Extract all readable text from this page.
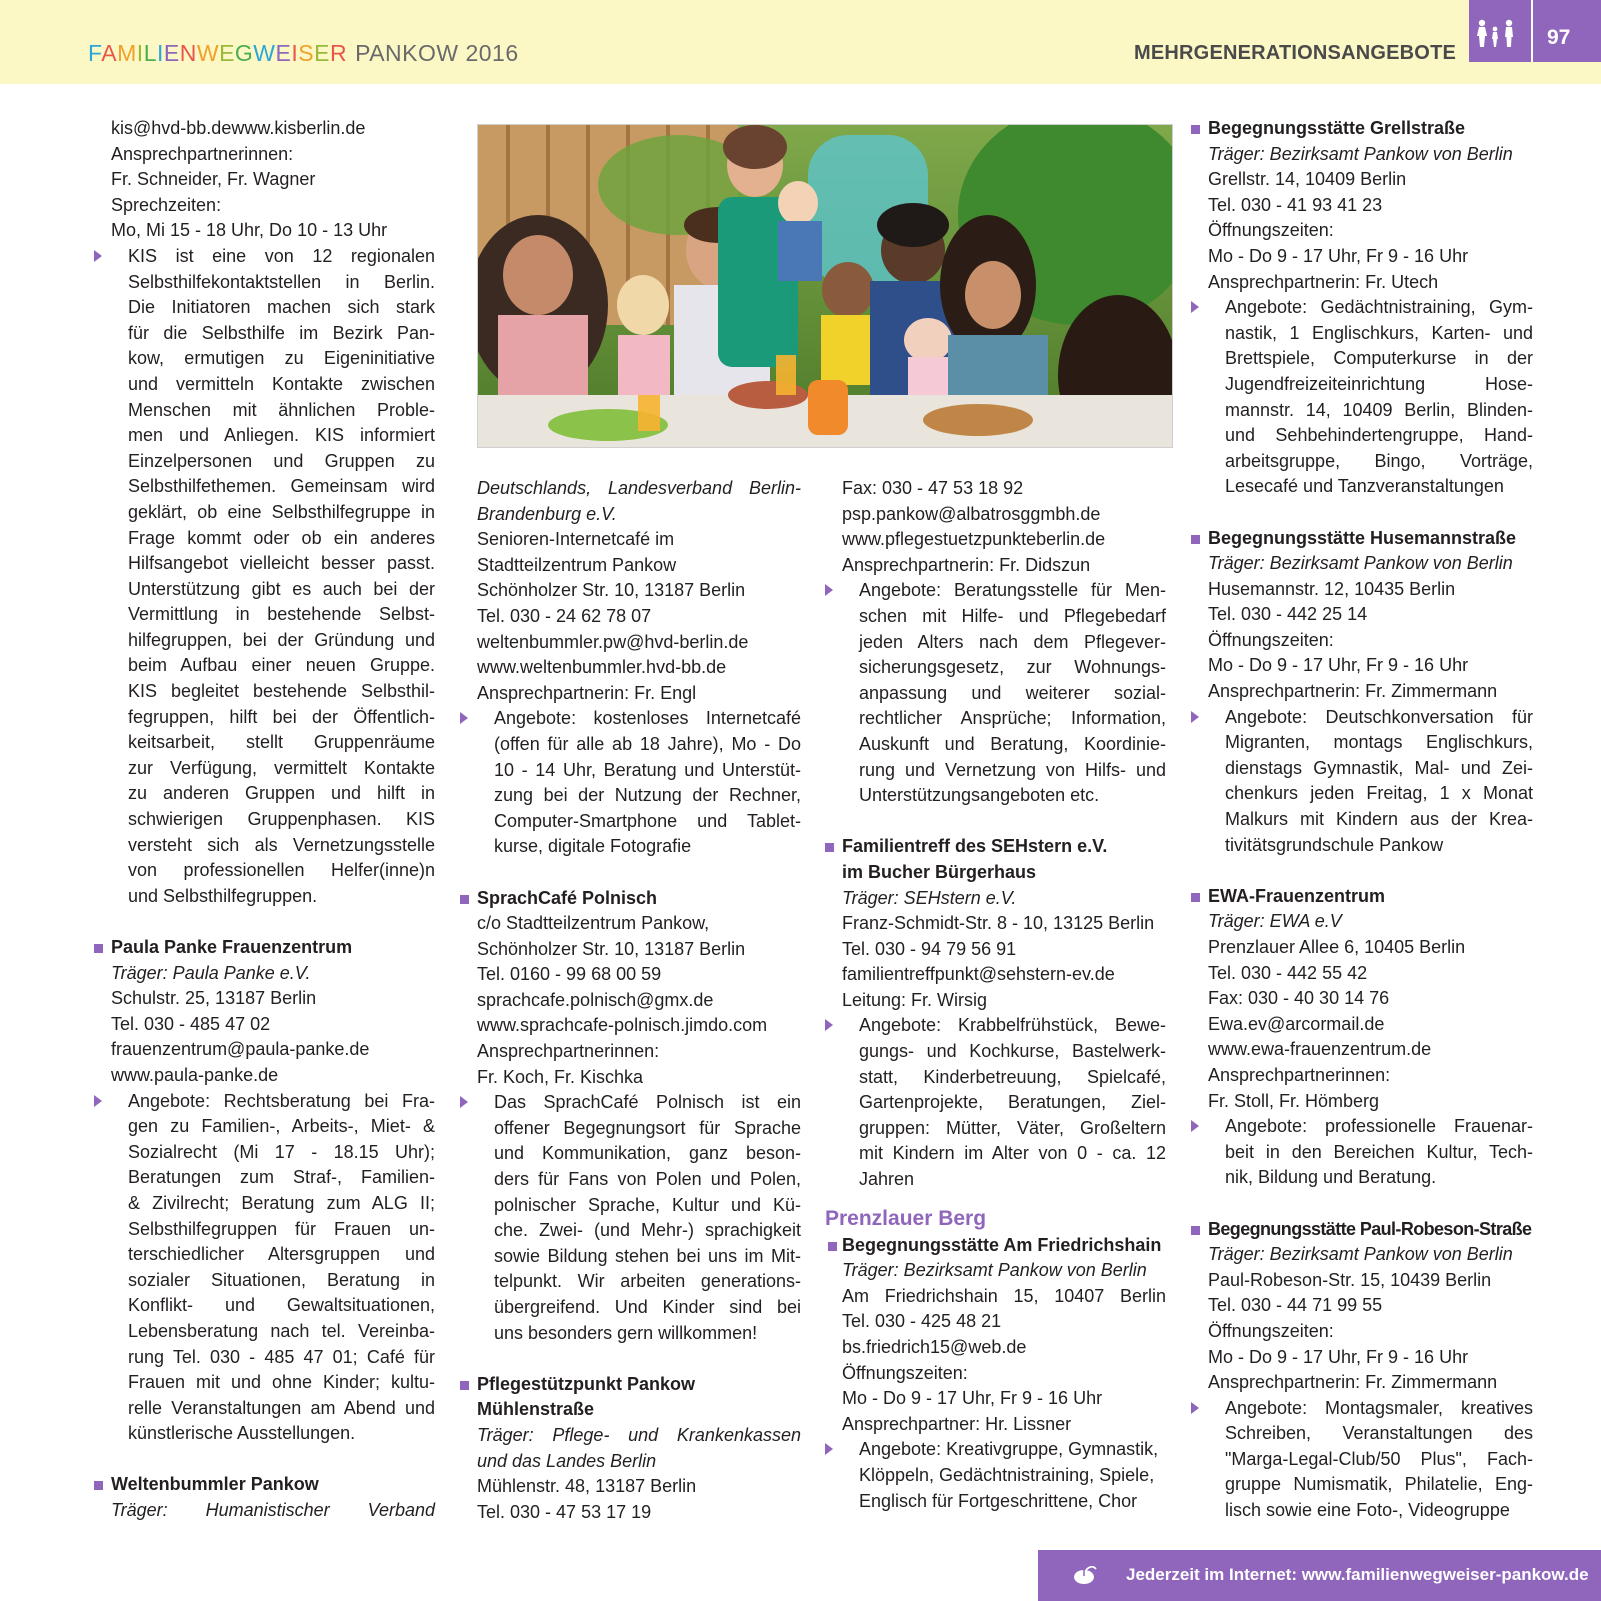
FAMILIENWEGWEISER PANKOW 2016	MEHRGENERATIONSANGEBOTE
97
kis@hvd-bb.dewww.kisberlin.de
Ansprechpartnerinnen:
Fr. Schneider, Fr. Wagner
Sprechzeiten:
Mo, Mi 15 - 18 Uhr, Do 10 - 13 Uhr
KIS ist eine von 12 regionalen
Selbsthilfekontaktstellen in Berlin.
Die Initiatoren machen sich stark
für die Selbsthilfe im Bezirk Pan-
kow, ermutigen zu Eigeninitiative
und vermitteln Kontakte zwischen
Menschen mit ähnlichen Proble-
men und Anliegen. KIS informiert
Einzelpersonen und Gruppen zu
Selbsthilfethemen. Gemeinsam wird
geklärt, ob eine Selbsthilfegruppe in
Frage kommt oder ob ein anderes
Hilfsangebot vielleicht besser passt.
Unterstützung gibt es auch bei der
Vermittlung in bestehende Selbst-
hilfegruppen, bei der Gründung und
beim Aufbau einer neuen Gruppe.
KIS begleitet bestehende Selbsthil-
fegruppen, hilft bei der Öffentlich-
keitsarbeit, stellt Gruppenräume
zur Verfügung, vermittelt Kontakte
zu anderen Gruppen und hilft in
schwierigen Gruppenphasen. KIS
versteht sich als Vernetzungsstelle
von professionellen Helfer(inne)n
und Selbsthilfegruppen.
Paula Panke Frauenzentrum
Träger: Paula Panke e.V.
Schulstr. 25, 13187 Berlin
Tel. 030 - 485 47 02
frauenzentrum@paula-panke.de
www.paula-panke.de
Angebote: Rechtsberatung bei Fra-
gen zu Familien-, Arbeits-, Miet- &
Sozialrecht (Mi 17 - 18.15 Uhr);
Beratungen zum Straf-, Familien-
& Zivilrecht; Beratung zum ALG II;
Selbsthilfegruppen für Frauen un-
terschiedlicher Altersgruppen und
sozialer Situationen, Beratung in
Konflikt- und Gewaltsituationen,
Lebensberatung nach tel. Vereinba-
rung Tel. 030 - 485 47 01; Café für
Frauen mit und ohne Kinder; kultu-
relle Veranstaltungen am Abend und
künstlerische Ausstellungen.
Weltenbummler Pankow
Träger: Humanistischer Verband
Deutschlands, Landesverband Berlin-
Brandenburg e.V.
Senioren-Internetcafé im
Stadtteilzentrum Pankow
Schönholzer Str. 10, 13187 Berlin
Tel. 030 - 24 62 78 07
weltenbummler.pw@hvd-berlin.de
www.weltenbummler.hvd-bb.de
Ansprechpartnerin: Fr. Engl
Angebote: kostenloses Internetcafé
(offen für alle ab 18 Jahre), Mo - Do
10 - 14 Uhr, Beratung und Unterstüt-
zung bei der Nutzung der Rechner,
Computer-Smartphone und Tablet-
kurse, digitale Fotografie
SprachCafé Polnisch
c/o Stadtteilzentrum Pankow,
Schönholzer Str. 10, 13187 Berlin
Tel. 0160 - 99 68 00 59
sprachcafe.polnisch@gmx.de
www.sprachcafe-polnisch.jimdo.com
Ansprechpartnerinnen:
Fr. Koch, Fr. Kischka
Das SprachCafé Polnisch ist ein
offener Begegnungsort für Sprache
und Kommunikation, ganz beson-
ders für Fans von Polen und Polen,
polnischer Sprache, Kultur und Kü-
che. Zwei- (und Mehr-) sprachigkeit
sowie Bildung stehen bei uns im Mit-
telpunkt. Wir arbeiten generations-
übergreifend. Und Kinder sind bei
uns besonders gern willkommen!
Pflegestützpunkt Pankow
Mühlenstraße
Träger: Pflege- und Krankenkassen
und das Landes Berlin
Mühlenstr. 48, 13187 Berlin
Tel. 030 - 47 53 17 19
Fax: 030 - 47 53 18 92
psp.pankow@albatrosggmbh.de
www.pflegestuetzpunkteberlin.de
Ansprechpartnerin: Fr. Didszun
Angebote: Beratungsstelle für Men-
schen mit Hilfe- und Pflegebedarf
jeden Alters nach dem Pflegever-
sicherungsgesetz, zur Wohnungs-
anpassung und weiterer sozial-
rechtlicher Ansprüche; Information,
Auskunft und Beratung, Koordinie-
rung und Vernetzung von Hilfs- und
Unterstützungsangeboten etc.
Familientreff des SEHstern e.V.
im Bucher Bürgerhaus
Träger: SEHstern e.V.
Franz-Schmidt-Str. 8 - 10, 13125 Berlin
Tel. 030 - 94 79 56 91
familientreffpunkt@sehstern-ev.de
Leitung: Fr. Wirsig
Angebote: Krabbelfrühstück, Bewe-
gungs- und Kochkurse, Bastelwerk-
statt, Kinderbetreuung, Spielcafé,
Gartenprojekte, Beratungen, Ziel-
gruppen: Mütter, Väter, Großeltern
mit Kindern im Alter von 0 - ca. 12
Jahren
Prenzlauer Berg
Begegnungsstätte Am Friedrichshain
Träger: Bezirksamt Pankow von Berlin
Am Friedrichshain 15, 10407 Berlin
Tel. 030 - 425 48 21
bs.friedrich15@web.de
Öffnungszeiten:
Mo - Do 9 - 17 Uhr, Fr 9 - 16 Uhr
Ansprechpartner: Hr. Lissner
Angebote: Kreativgruppe, Gymnastik,
Klöppeln, Gedächtnistraining, Spiele,
Englisch für Fortgeschrittene, Chor
Begegnungsstätte Grellstraße
Träger: Bezirksamt Pankow von Berlin
Grellstr. 14, 10409 Berlin
Tel. 030 - 41 93 41 23
Öffnungszeiten:
Mo - Do 9 - 17 Uhr, Fr 9 - 16 Uhr
Ansprechpartnerin: Fr. Utech
Angebote: Gedächtnistraining, Gym-
nastik, 1 Englischkurs, Karten- und
Brettspiele, Computerkurse in der
Jugendfreizeiteinrichtung Hose-
mannstr. 14, 10409 Berlin, Blinden-
und Sehbehindertengruppe, Hand-
arbeitsgruppe, Bingo, Vorträge,
Lesecafé und Tanzveranstaltungen
Begegnungsstätte Husemannstraße
Träger: Bezirksamt Pankow von Berlin
Husemannstr. 12, 10435 Berlin
Tel. 030 - 442 25 14
Öffnungszeiten:
Mo - Do 9 - 17 Uhr, Fr 9 - 16 Uhr
Ansprechpartnerin: Fr. Zimmermann
Angebote: Deutschkonversation für
Migranten, montags Englischkurs,
dienstags Gymnastik, Mal- und Zei-
chenkurs jeden Freitag, 1 x Monat
Malkurs mit Kindern aus der Krea-
tivitätsgrundschule Pankow
EWA-Frauenzentrum
Träger: EWA e.V
Prenzlauer Allee 6, 10405 Berlin
Tel. 030 - 442 55 42
Fax: 030 - 40 30 14 76
Ewa.ev@arcormail.de
www.ewa-frauenzentrum.de
Ansprechpartnerinnen:
Fr. Stoll, Fr. Hömberg
Angebote: professionelle Frauenar-
beit in den Bereichen Kultur, Tech-
nik, Bildung und Beratung.
Begegnungsstätte Paul-Robeson-Straße
Träger: Bezirksamt Pankow von Berlin
Paul-Robeson-Str. 15, 10439 Berlin
Tel. 030 - 44 71 99 55
Öffnungszeiten:
Mo - Do 9 - 17 Uhr, Fr 9 - 16 Uhr
Ansprechpartnerin: Fr. Zimmermann
Angebote: Montagsmaler, kreatives
Schreiben, Veranstaltungen des
"Marga-Legal-Club/50 Plus", Fach-
gruppe Numismatik, Philatelie, Eng-
lisch sowie eine Foto-, Videogruppe
Jederzeit im Internet: www.familienwegweiser-pankow.de
